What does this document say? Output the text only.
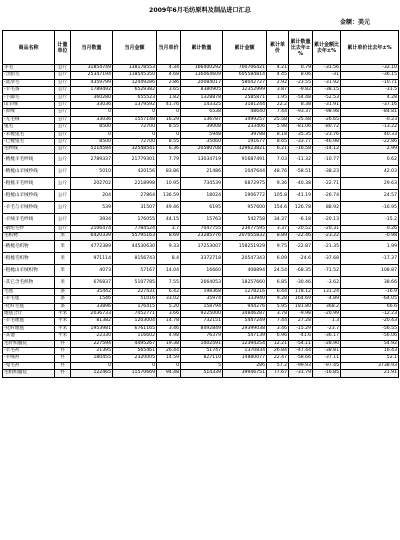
2009年6月毛纺原料及制品进口汇总
金额：美元
商品名称	计量单位	当月数量	当月金额	当月单价	累计数量	累计金额	累计单价	累计数量比去年±%	累计金额比去年±%	累计单价比去年±%
羊毛	公斤	31854749	138178553	4.34	166400292	700706421	4.21	0.79	-31.56	-32.10
-含脂毛	公斤	25347194	118545350	4.68	136064609	605584814	4.45	8.06	-31	-36.15
-洗净毛	公斤	4359799	12449286	2.86	20084017	58042727	2.92	-23.55	-31.92	-10.71
-羊毛条	公斤	1789492	6529382	3.65	8380905	32352999	3.87	-9.82	-38.15	-31.5
-下脚毛	公斤	360280	655523	1.82	1328878	2585871	1.95	-54.48	-52.53	4.28
山羊绒	公斤	33036	1379592	41.76	143325	3181244	22.2	8.38	-31.91	-37.16
-原绒	公斤	0	0	0	6538	48640	7.44	-93.37	-98.98	-84.81
-无毛绒	公斤	33036	1557148	16.29	136787	3499257	25.58	-25.48	-26.65	-0.23
兔毛	公斤	8500	72700	8.55	39008	233406	5.98	-81.06	-80.72	-13.22
-未梳兔毛	公斤	0	0	0	5948	39788	8.18	35.35	-23.76	40.33
-已梳兔毛	公斤	8500	72700	8.55	35060	191677	8.65	-33.77	-46.98	-22.86
毛纱线	公斤	5114594	32548541	6.36	20580708	129623821	6.21	-16.58	-14.12	2.99
-精梳羊毛纱线	公斤	2789337	21779301	7.79	13034719	91687491	7.03	-11.32	-10.77	0.62
-精梳山羊绒纱线	公斤	5010	420156	83.86	21486	1047644	48.76	-58.51	-38.23	42.03
-粗梳羊毛纱线	公斤	202702	2218998	10.95	734539	6872975	9.36	-40.38	-22.71	29.63
-粗梳山羊绒纱线	公斤	204	27864	136.59	18024	1906772	105.8	-41.19	-26.74	24.57
-羊毛与羊绒纱线	公斤	539	31507	49.46	6195	957600	154.6	126.78	88.92	-16.95
-羊绒羊毛纱线	公斤	3934	176055	44.15	15763	542758	34.37	-6.18	-20.13	-15.2
-腈纶毛纱	公斤	2106474	7784524	3.7	7047755	23677595	3.37	-20.52	-20.31	0.26
毛织物	米	6420339	55795163	8.69	23285776	207055832	8.89	-22.46	-23.22	-0.98
-精梳毛织物	米	4772389	44530630	9.33	17253007	158251929	9.75	-22.87	-21.35	1.99
-粗梳毛织物	米	971114	8156743	8.4	3372718	20547343	6.09	-24.6	-37.68	-17.37
-粗梳山羊绒织物	米	4073	57167	14.04	16660	408894	24.54	-68.35	-71.52	108.87
-其它含毛织物	米	676837	5107785	7.55	2664053	18257660	6.85	-30.46	-3.62	38.66
毛毯	条	35442	227431	6.42	198368	1278216	6.44	178.12	131.24	-16.9
-羊毛毯	条	1546	51016	33.02	35974	333940	9.28	164.69	-4.89	-64.05
-化纤毛毯	条	33896	176415	5.20	158794	944276	5.95	181.80	368.2	66.6
地毯合计	平米	2036733	7452771	3.66	9225000	34846287	3.78	-9.98	-20.99	-12.23
-羊毛地毯	平米	81382	1203004	14.78	732151	5447249	7.44	27.28	1.3	-20.43
-化纤地毯	平米	1953981	6761165	3.46	8492849	29399038	3.46	-15.29	-23.7	-56.55
-其他	平米	22330	116602	4.98	76379	547139	6.96	-41.6	-36.17	-56.06
毛针织服装	件	227594	4495267	19.38	1002591	12394254	12.21	-54.11	-28.90	54.92
-羊毛衫	件	21395	565461	26.44	51747	1370834	26.84	-47.44	-38.81	16.43
-羊绒衫	件	180455	2320005	14.59	827110	14880077	22.47	-58.66	-37.11	52.1
-兔毛衫	件	0	0	0	5	286	57.2	-99.93	-97.45	3738.93
毛机织服装	件	122465	11570669	94.48	514339	39946751	77.67	-31.79	-16.85	21.91
